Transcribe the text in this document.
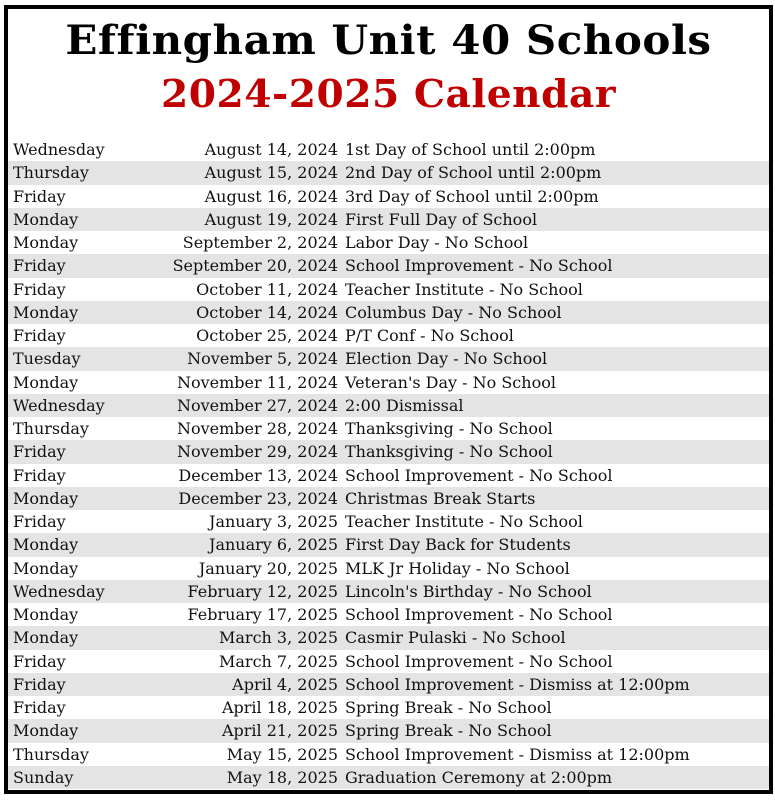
Effingham Unit 40 Schools
2024-2025 Calendar
Wednesday	August 14, 2024 1st Day of School until 2:00pm
Thursday	August 15, 2024 2nd Day of School until 2:00pm
Friday	August 16, 2024 3rd Day of School until 2:00pm
Monday	August 19, 2024 First Full Day of School
Monday	September 2, 2024 Labor Day - No School
Friday	September 20, 2024 School Improvement - No School
Friday	October 11, 2024 Teacher Institute - No School
Monday	October 14, 2024 Columbus Day - No School
Friday	October 25, 2024 P/T Conf - No School
Tuesday	November 5, 2024 Election Day - No School
Monday	November 11, 2024 Veteran's Day - No School
Wednesday	November 27, 2024 2:00 Dismissal
Thursday	November 28, 2024 Thanksgiving - No School
Friday	November 29, 2024 Thanksgiving - No School
Friday	December 13, 2024 School Improvement - No School
Monday	December 23, 2024 Christmas Break Starts
Friday	January 3, 2025 Teacher Institute - No School
Monday	January 6, 2025 First Day Back for Students
Monday	January 20, 2025 MLK Jr Holiday - No School
Wednesday	February 12, 2025 Lincoln's Birthday - No School
Monday	February 17, 2025 School Improvement - No School
Monday	March 3, 2025 Casmir Pulaski - No School
Friday	March 7, 2025 School Improvement - No School
Friday	April 4, 2025 School Improvement - Dismiss at 12:00pm
Friday	April 18, 2025 Spring Break - No School
Monday	April 21, 2025 Spring Break - No School
Thursday	May 15, 2025 School Improvement - Dismiss at 12:00pm
Sunday	May 18, 2025 Graduation Ceremony at 2:00pm
